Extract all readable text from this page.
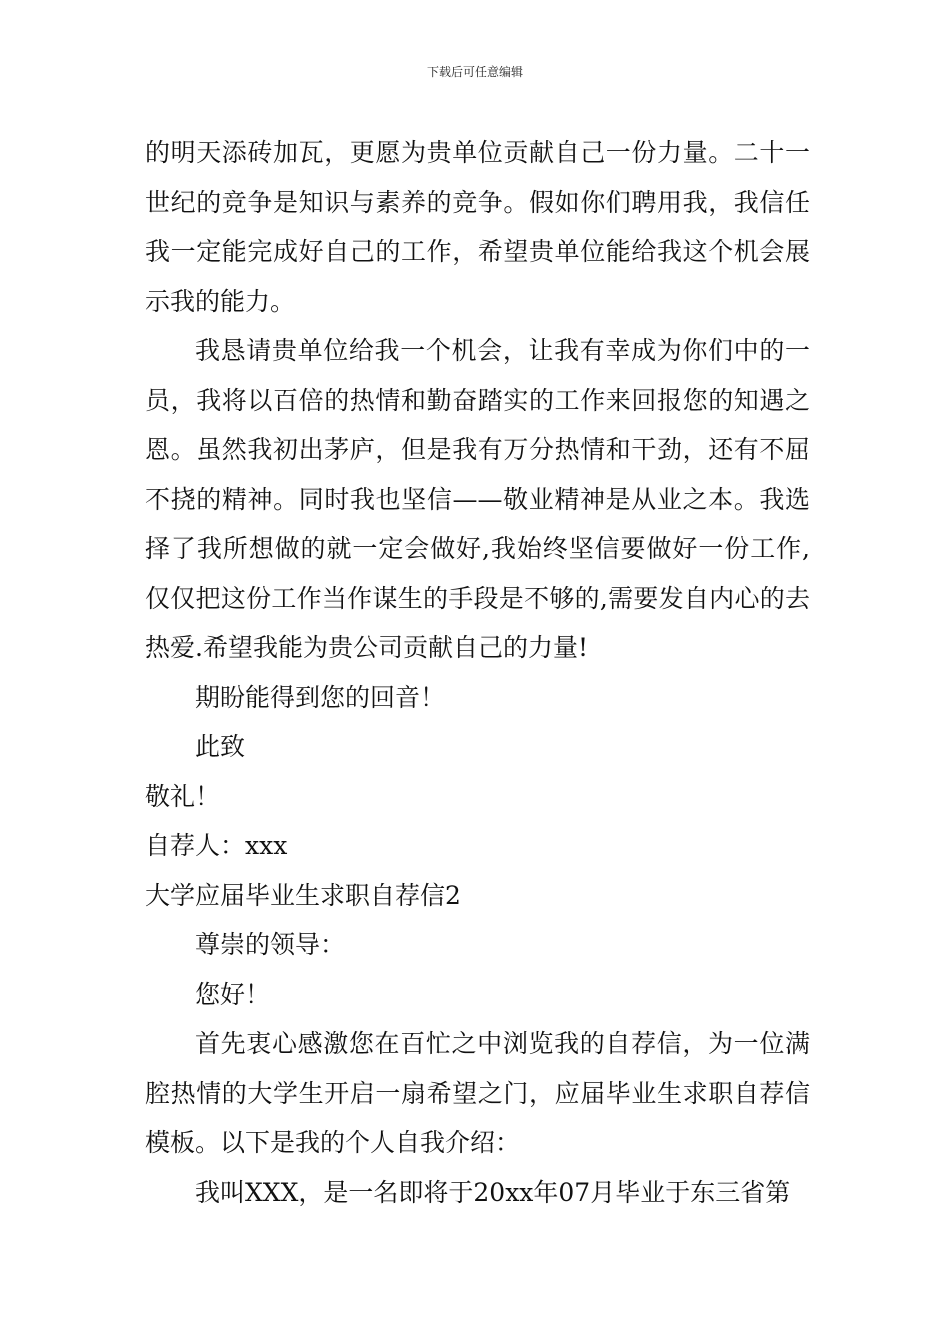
下载后可任意编辑

的明天添砖加瓦，更愿为贵单位贡献自己一份力量。二十一世纪的竞争是知识与素养的竞争。假如你们聘用我，我信任我一定能完成好自己的工作，希望贵单位能给我这个机会展示我的能力。

我恳请贵单位给我一个机会，让我有幸成为你们中的一员，我将以百倍的热情和勤奋踏实的工作来回报您的知遇之恩。虽然我初出茅庐，但是我有万分热情和干劲，还有不屈不挠的精神。同时我也坚信——敬业精神是从业之本。我选择了我所想做的就一定会做好,我始终坚信要做好一份工作,仅仅把这份工作当作谋生的手段是不够的,需要发自内心的去热爱.希望我能为贵公司贡献自己的力量!

期盼能得到您的回音！

此致

敬礼！

自荐人：xxx

大学应届毕业生求职自荐信2

尊崇的领导：

您好！

首先衷心感激您在百忙之中浏览我的自荐信，为一位满腔热情的大学生开启一扇希望之门，应届毕业生求职自荐信模板。以下是我的个人自我介绍：

我叫XXX，是一名即将于20xx年07月毕业于东三省第
